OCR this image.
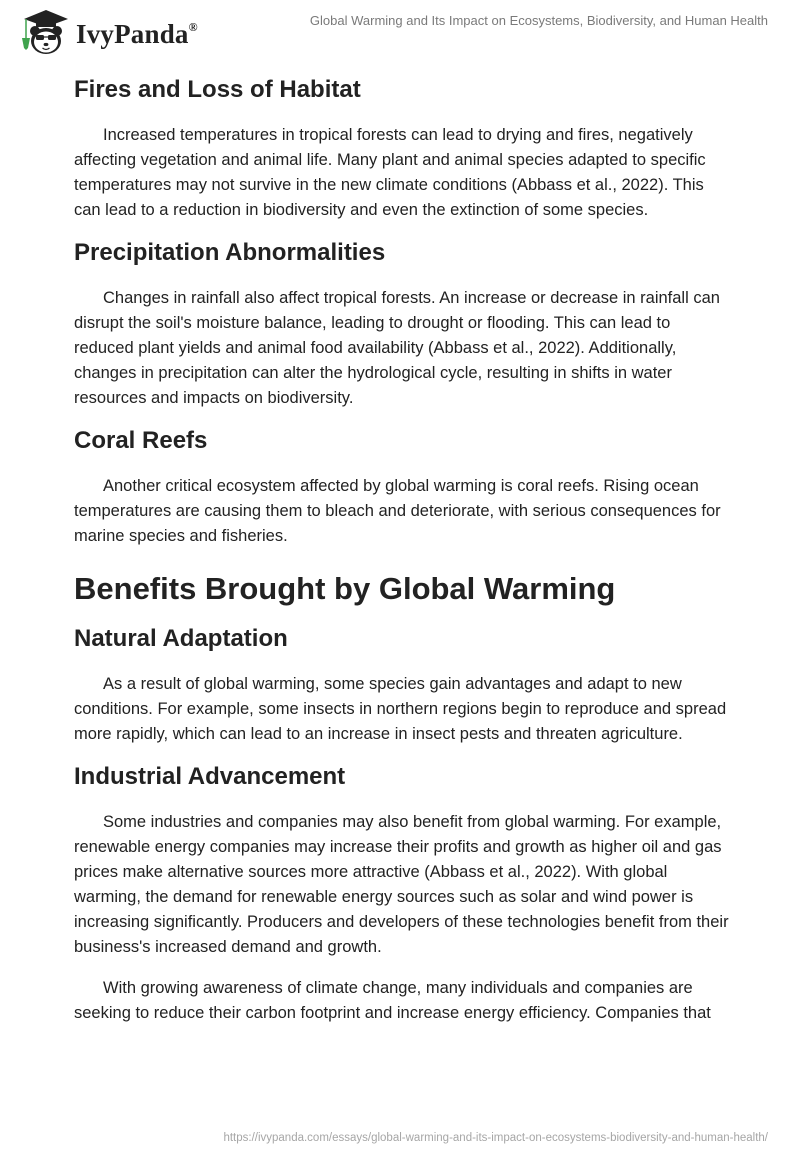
IvyPanda®	Global Warming and Its Impact on Ecosystems, Biodiversity, and Human Health
Fires and Loss of Habitat

Increased temperatures in tropical forests can lead to drying and fires, negatively affecting vegetation and animal life. Many plant and animal species adapted to specific temperatures may not survive in the new climate conditions (Abbass et al., 2022). This can lead to a reduction in biodiversity and even the extinction of some species.

Precipitation Abnormalities

Changes in rainfall also affect tropical forests. An increase or decrease in rainfall can disrupt the soil's moisture balance, leading to drought or flooding. This can lead to reduced plant yields and animal food availability (Abbass et al., 2022). Additionally, changes in precipitation can alter the hydrological cycle, resulting in shifts in water resources and impacts on biodiversity.

Coral Reefs

Another critical ecosystem affected by global warming is coral reefs. Rising ocean temperatures are causing them to bleach and deteriorate, with serious consequences for marine species and fisheries.

Benefits Brought by Global Warming
Natural Adaptation

As a result of global warming, some species gain advantages and adapt to new conditions. For example, some insects in northern regions begin to reproduce and spread more rapidly, which can lead to an increase in insect pests and threaten agriculture.

Industrial Advancement

Some industries and companies may also benefit from global warming. For example, renewable energy companies may increase their profits and growth as higher oil and gas prices make alternative sources more attractive (Abbass et al., 2022). With global warming, the demand for renewable energy sources such as solar and wind power is increasing significantly. Producers and developers of these technologies benefit from their business's increased demand and growth.

With growing awareness of climate change, many individuals and companies are seeking to reduce their carbon footprint and increase energy efficiency. Companies that

https://ivypanda.com/essays/global-warming-and-its-impact-on-ecosystems-biodiversity-and-human-health/
